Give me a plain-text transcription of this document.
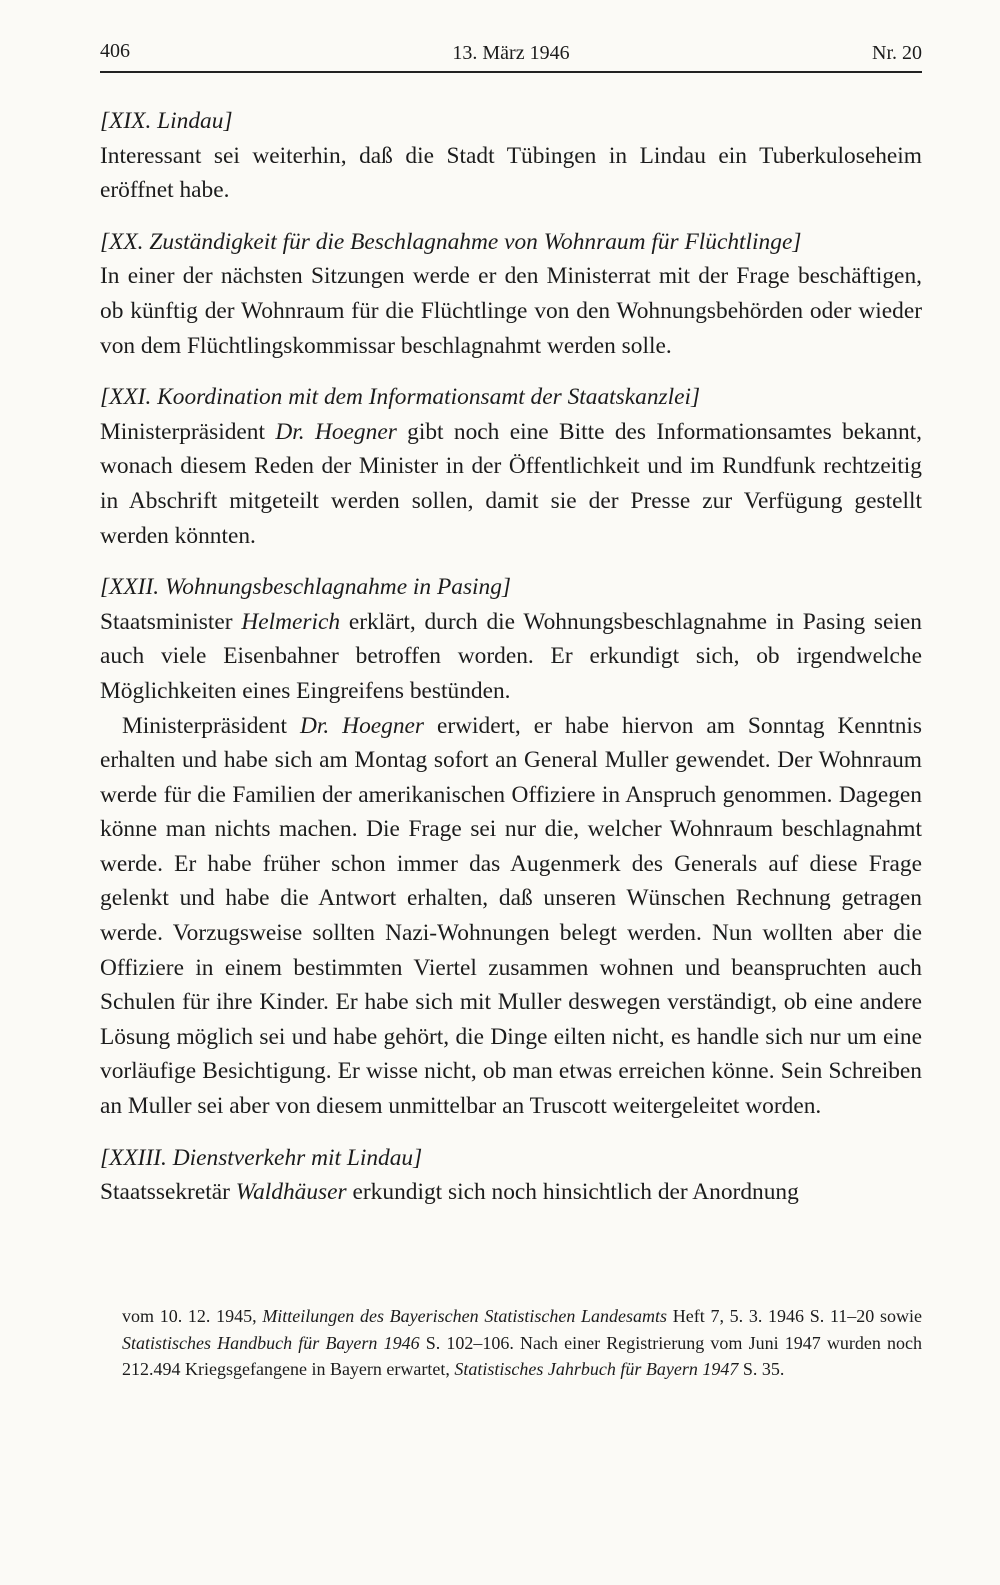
406	13. März 1946	Nr. 20
[XIX. Lindau]

Interessant sei weiterhin, daß die Stadt Tübingen in Lindau ein Tuberkuloseheim eröffnet habe.

[XX. Zuständigkeit für die Beschlagnahme von Wohnraum für Flüchtlinge]

In einer der nächsten Sitzungen werde er den Ministerrat mit der Frage beschäftigen, ob künftig der Wohnraum für die Flüchtlinge von den Wohnungsbehörden oder wieder von dem Flüchtlingskommissar beschlagnahmt werden solle.

[XXI. Koordination mit dem Informationsamt der Staatskanzlei]

Ministerpräsident Dr. Hoegner gibt noch eine Bitte des Informationsamtes bekannt, wonach diesem Reden der Minister in der Öffentlichkeit und im Rundfunk rechtzeitig in Abschrift mitgeteilt werden sollen, damit sie der Presse zur Verfügung gestellt werden könnten.

[XXII. Wohnungsbeschlagnahme in Pasing]

Staatsminister Helmerich erklärt, durch die Wohnungsbeschlagnahme in Pasing seien auch viele Eisenbahner betroffen worden. Er erkundigt sich, ob irgendwelche Möglichkeiten eines Eingreifens bestünden.

Ministerpräsident Dr. Hoegner erwidert, er habe hiervon am Sonntag Kenntnis erhalten und habe sich am Montag sofort an General Muller gewendet. Der Wohnraum werde für die Familien der amerikanischen Offiziere in Anspruch genommen. Dagegen könne man nichts machen. Die Frage sei nur die, welcher Wohnraum beschlagnahmt werde. Er habe früher schon immer das Augenmerk des Generals auf diese Frage gelenkt und habe die Antwort erhalten, daß unseren Wünschen Rechnung getragen werde. Vorzugsweise sollten Nazi-Wohnungen belegt werden. Nun wollten aber die Offiziere in einem bestimmten Viertel zusammen wohnen und beanspruchten auch Schulen für ihre Kinder. Er habe sich mit Muller deswegen verständigt, ob eine andere Lösung möglich sei und habe gehört, die Dinge eilten nicht, es handle sich nur um eine vorläufige Besichtigung. Er wisse nicht, ob man etwas erreichen könne. Sein Schreiben an Muller sei aber von diesem unmittelbar an Truscott weitergeleitet worden.

[XXIII. Dienstverkehr mit Lindau]

Staatssekretär Waldhäuser erkundigt sich noch hinsichtlich der Anordnung

vom 10. 12. 1945, Mitteilungen des Bayerischen Statistischen Landesamts Heft 7, 5. 3. 1946 S. 11–20 sowie Statistisches Handbuch für Bayern 1946 S. 102–106. Nach einer Registrierung vom Juni 1947 wurden noch 212.494 Kriegsgefangene in Bayern erwartet, Statistisches Jahrbuch für Bayern 1947 S. 35.
